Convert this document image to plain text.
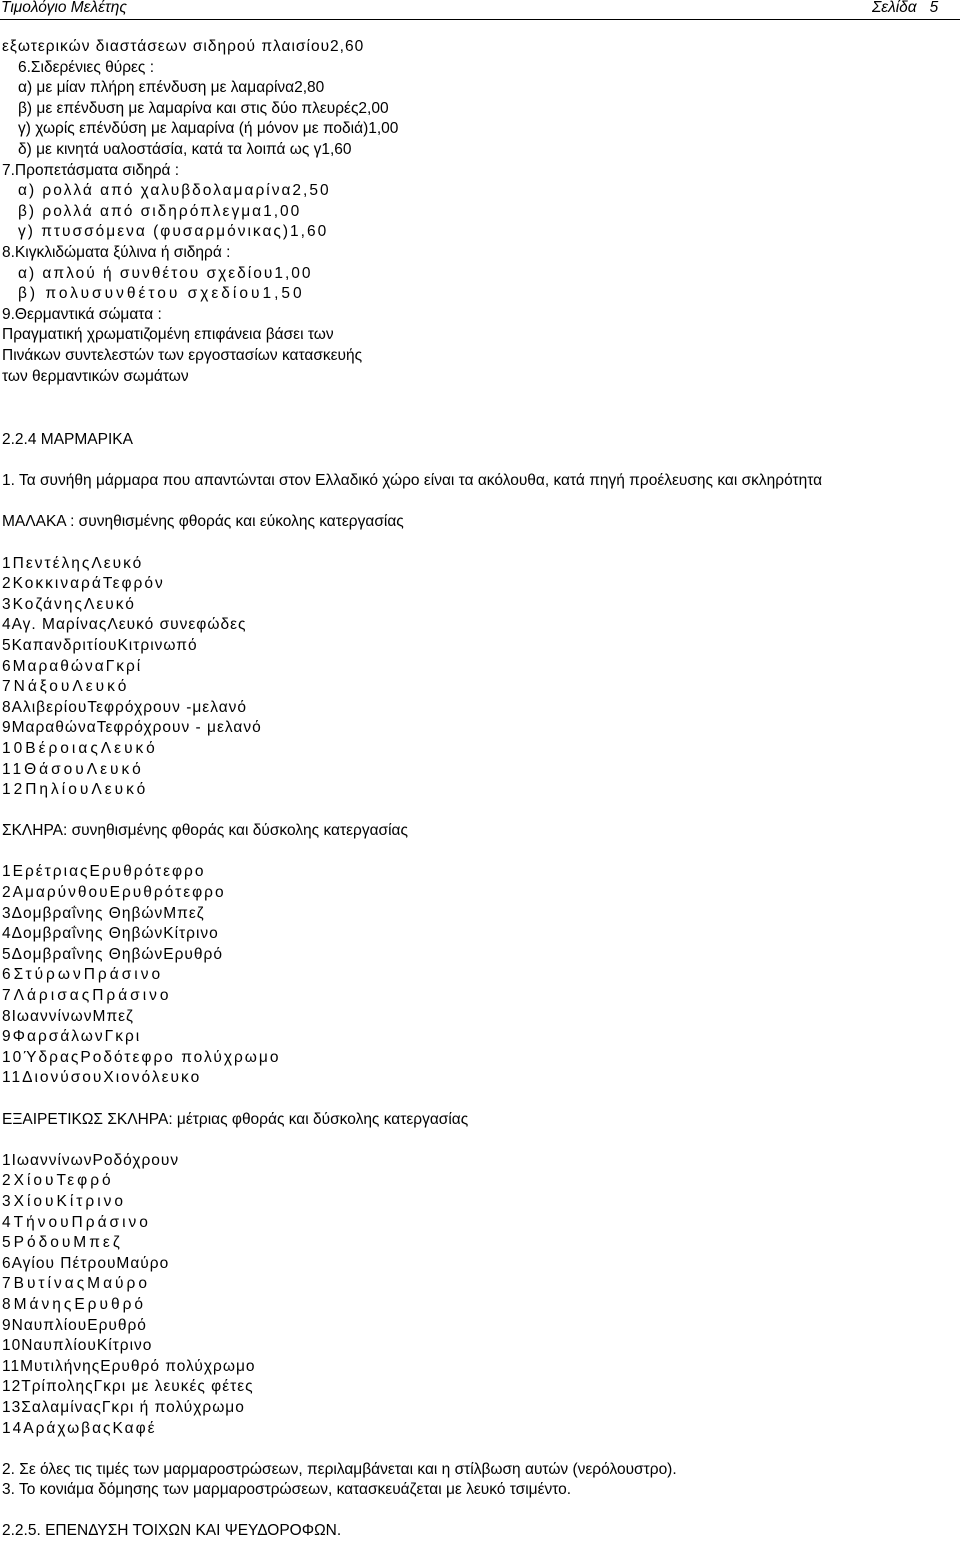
Τιμολόγιο Μελέτης	Σελίδα 5
εξωτερικών διαστάσεων σιδηρού πλαισίου2,60
6.Σιδερένιες θύρες :
α) με μίαν πλήρη επένδυση με λαμαρίνα2,80
β) με επένδυση με λαμαρίνα και στις δύο πλευρές2,00
γ) χωρίς επένδύση με λαμαρίνα (ή μόνον με ποδιά)1,00
δ) με κινητά υαλοστάσία, κατά τα λοιπά ως γ1,60
7.Προπετάσματα σιδηρά :
α) ρολλά από χαλυβδολαμαρίνα2,50
β) ρολλά από σιδηρόπλεγμα1,00
γ) πτυσσόμενα (φυσαρμόνικας)1,60
8.Κιγκλιδώματα ξύλινα ή σιδηρά :
α) απλού ή συνθέτου σχεδίου1,00
β) πολυσυνθέτου σχεδίου1,50
9.Θερμαντικά σώματα :
Πραγματική χρωματιζομένη επιφάνεια βάσει των
Πινάκων συντελεστών των εργοστασίων κατασκευής
των θερμαντικών σωμάτων
2.2.4 ΜΑΡΜΑΡΙΚΑ
1. Τα συνήθη μάρμαρα που απαντώνται στον Ελλαδικό χώρο είναι τα ακόλουθα, κατά πηγή προέλευσης και σκληρότητα
ΜΑΛΑΚΑ : συνηθισμένης φθοράς και εύκολης κατεργασίας
1ΠεντέληςΛευκό
2ΚοκκιναράΤεφρόν
3ΚοζάνηςΛευκό
4Αγ. ΜαρίναςΛευκό συνεφώδες
5ΚαπανδριτίουΚιτρινωπό
6ΜαραθώναΓκρί
7ΝάξουΛευκό
8ΑλιβερίουΤεφρόχρουν -μελανό
9ΜαραθώναΤεφρόχρουν - μελανό
10ΒέροιαςΛευκό
11ΘάσουΛευκό
12ΠηλίουΛευκό
ΣΚΛΗΡΑ: συνηθισμένης φθοράς και δύσκολης κατεργασίας
1ΕρέτριαςΕρυθρότεφρο
2ΑμαρύνθουΕρυθρότεφρο
3Δομβραΐνης ΘηβώνΜπεζ
4Δομβραΐνης ΘηβώνΚίτρινο
5Δομβραΐνης ΘηβώνΕρυθρό
6ΣτύρωνΠράσινο
7ΛάρισαςΠράσινο
8ΙωαννίνωνΜπεζ
9ΦαρσάλωνΓκρι
10ΎδραςΡοδότεφρο πολύχρωμο
11ΔιονύσουΧιονόλευκο
ΕΞΑΙΡΕΤΙΚΩΣ ΣΚΛΗΡΑ: μέτριας φθοράς και δύσκολης κατεργασίας
1ΙωαννίνωνΡοδόχρουν
2ΧίουΤεφρό
3ΧίουΚίτρινο
4ΤήνουΠράσινο
5ΡόδουΜπεζ
6Αγίου ΠέτρουΜαύρο
7ΒυτίναςΜαύρο
8ΜάνηςΕρυθρό
9ΝαυπλίουΕρυθρό
10ΝαυπλίουΚίτρινο
11ΜυτιλήνηςΕρυθρό πολύχρωμο
12ΤρίποληςΓκρι με λευκές φέτες
13ΣαλαμίναςΓκρι ή πολύχρωμο
14ΑράχωβαςΚαφέ
2. Σε όλες τις τιμές των μαρμαροστρώσεων, περιλαμβάνεται και η στίλβωση αυτών (νερόλουστρο).
3. Το κονιάμα δόμησης των μαρμαροστρώσεων, κατασκευάζεται με λευκό τσιμέντο.
2.2.5. ΕΠΕΝΔΥΣΗ ΤΟΙΧΩΝ ΚΑΙ ΨΕΥΔΟΡΟΦΩΝ.
